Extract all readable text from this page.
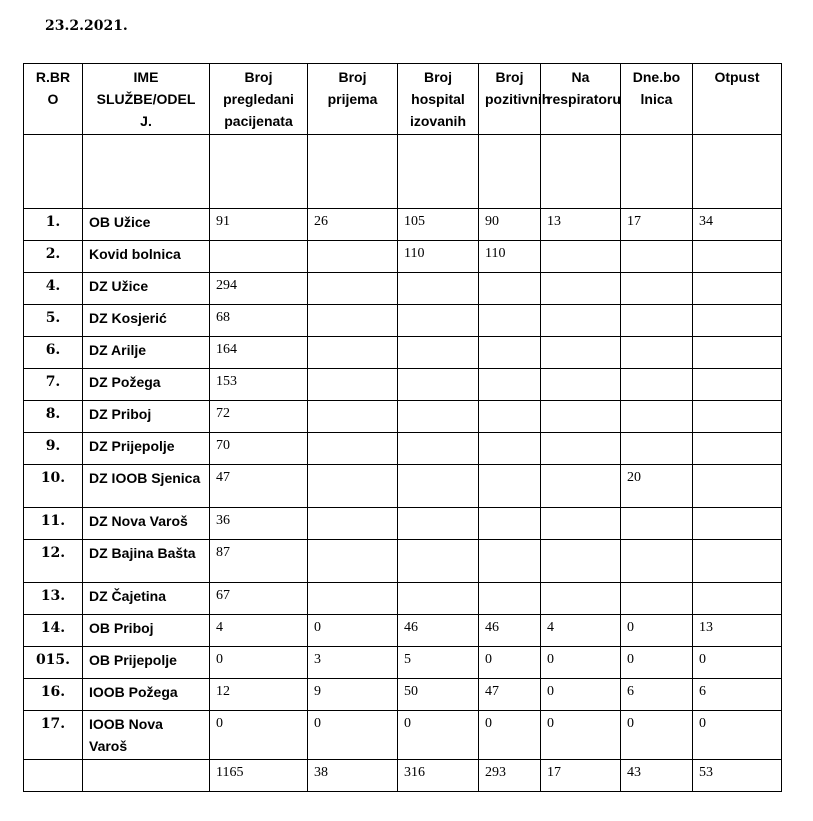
23.2.2021.
R.BR O	IME SLUŽBE/ODEL J.	Broj pregledani pacijenata	Broj prijema	Broj hospital izovanih	Broj pozitivnih	Na respiratoru	Dne.bo lnica	Otpust

1.	OB Užice	91	26	105	90	13	17	34
2.	Kovid bolnica			110	110			
4.	DZ Užice	294						
5.	DZ Kosjerić	68						
6.	DZ Arilje	164						
7.	DZ Požega	153						
8.	DZ Priboj	72						
9.	DZ Prijepolje	70						
10.	DZ IOOB Sjenica	47					20	
11.	DZ Nova Varoš	36						
12.	DZ Bajina Bašta	87						
13.	DZ Čajetina	67						
14.	OB Priboj	4	0	46	46	4	0	13
015.	OB Prijepolje	0	3	5	0	0	0	0
16.	IOOB Požega	12	9	50	47	0	6	6
17.	IOOB Nova Varoš	0	0	0	0	0	0	0
		1165	38	316	293	17	43	53
